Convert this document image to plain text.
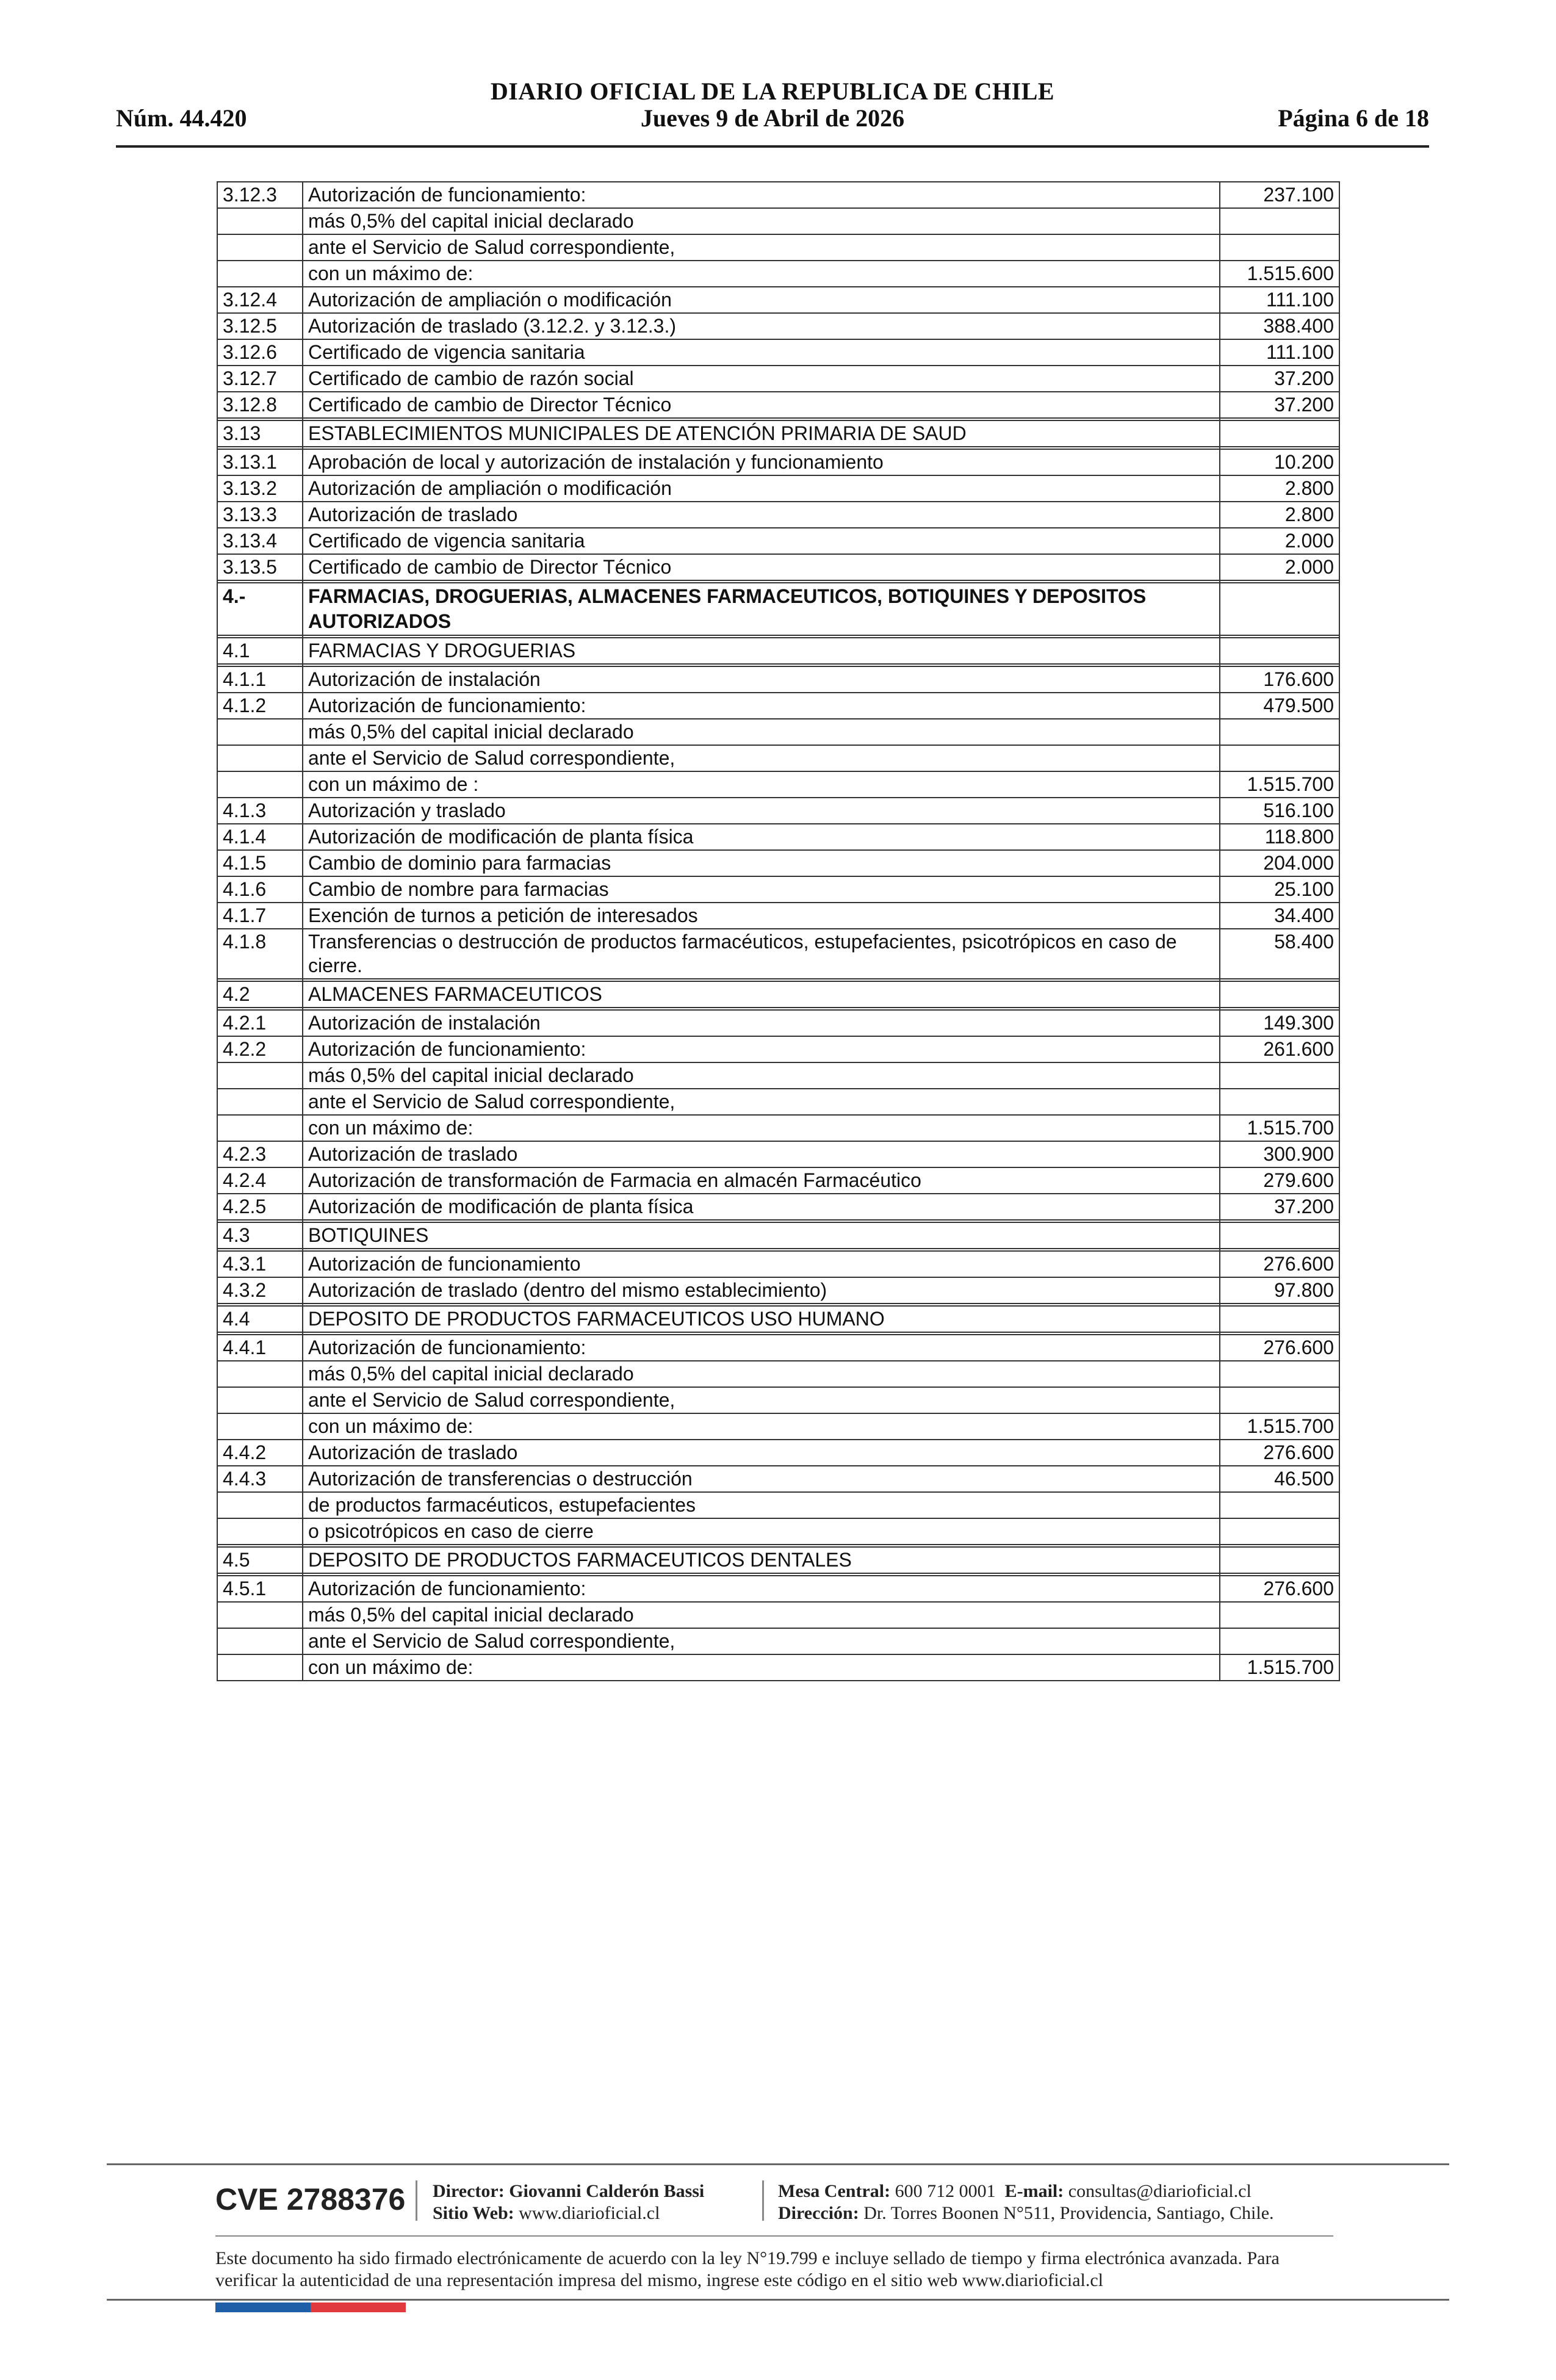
DIARIO OFICIAL DE LA REPUBLICA DE CHILE
Núm. 44.420	Jueves 9 de Abril de 2026	Página 6 de 18
3.12.3	Autorización de funcionamiento:	237.100
	más 0,5% del capital inicial declarado	
	ante el Servicio de Salud correspondiente,	
	con un máximo de:	1.515.600
3.12.4	Autorización de ampliación o modificación	111.100
3.12.5	Autorización de traslado (3.12.2. y 3.12.3.)	388.400
3.12.6	Certificado de vigencia sanitaria	111.100
3.12.7	Certificado de cambio de razón social	37.200
3.12.8	Certificado de cambio de Director Técnico	37.200

3.13	ESTABLECIMIENTOS MUNICIPALES DE ATENCIÓN PRIMARIA DE SAUD	

3.13.1	Aprobación de local y autorización de instalación y funcionamiento	10.200
3.13.2	Autorización de ampliación o modificación	2.800
3.13.3	Autorización de traslado	2.800
3.13.4	Certificado de vigencia sanitaria	2.000
3.13.5	Certificado de cambio de Director Técnico	2.000

4.-	FARMACIAS, DROGUERIAS, ALMACENES FARMACEUTICOS, BOTIQUINES Y DEPOSITOS AUTORIZADOS	

4.1	FARMACIAS Y DROGUERIAS	

4.1.1	Autorización de instalación	176.600
4.1.2	Autorización de funcionamiento:	479.500
	más 0,5% del capital inicial declarado	
	ante el Servicio de Salud correspondiente,	
	con un máximo de :	1.515.700
4.1.3	Autorización y traslado	516.100
4.1.4	Autorización de modificación de planta física	118.800
4.1.5	Cambio de dominio para farmacias	204.000
4.1.6	Cambio de nombre para farmacias	25.100
4.1.7	Exención de turnos a petición de interesados	34.400
4.1.8	Transferencias o destrucción de productos farmacéuticos, estupefacientes, psicotrópicos en caso de cierre.	58.400

4.2	ALMACENES FARMACEUTICOS	

4.2.1	Autorización de instalación	149.300
4.2.2	Autorización de funcionamiento:	261.600
	más 0,5% del capital inicial declarado	
	ante el Servicio de Salud correspondiente,	
	con un máximo de:	1.515.700
4.2.3	Autorización de traslado	300.900
4.2.4	Autorización de transformación de Farmacia en almacén Farmacéutico	279.600
4.2.5	Autorización de modificación de planta física	37.200

4.3	BOTIQUINES	

4.3.1	Autorización de funcionamiento	276.600
4.3.2	Autorización de traslado (dentro del mismo establecimiento)	97.800

4.4	DEPOSITO DE PRODUCTOS FARMACEUTICOS USO HUMANO	

4.4.1	Autorización de funcionamiento:	276.600
	más 0,5% del capital inicial declarado	
	ante el Servicio de Salud correspondiente,	
	con un máximo de:	1.515.700
4.4.2	Autorización de traslado	276.600
4.4.3	Autorización de transferencias o destrucción	46.500
	de productos farmacéuticos, estupefacientes	
	o psicotrópicos en caso de cierre	

4.5	DEPOSITO DE PRODUCTOS FARMACEUTICOS DENTALES	

4.5.1	Autorización de funcionamiento:	276.600
	más 0,5% del capital inicial declarado	
	ante el Servicio de Salud correspondiente,	
	con un máximo de:	1.515.700
CVE 2788376 Director: Giovanni Calderón Bassi
Sitio Web: www.diarioficial.cl
Mesa Central: 600 712 0001 E-mail: consultas@diarioficial.cl
Dirección: Dr. Torres Boonen N°511, Providencia, Santiago, Chile.
Este documento ha sido firmado electrónicamente de acuerdo con la ley N°19.799 e incluye sellado de tiempo y firma electrónica avanzada. Para verificar la autenticidad de una representación impresa del mismo, ingrese este código en el sitio web www.diarioficial.cl
